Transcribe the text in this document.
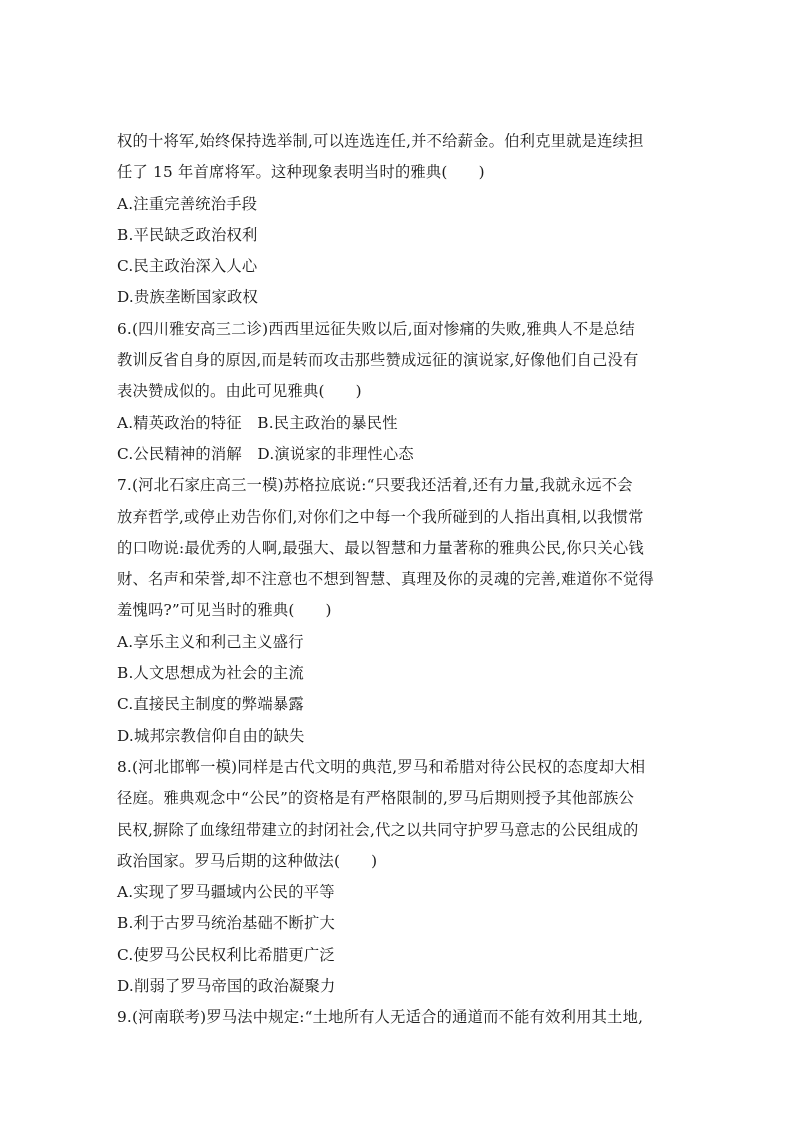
权的十将军,始终保持选举制,可以连选连任,并不给薪金。伯利克里就是连续担
任了 15 年首席将军。这种现象表明当时的雅典(　　)
A.注重完善统治手段
B.平民缺乏政治权利
C.民主政治深入人心
D.贵族垄断国家政权
6.(四川雅安高三二诊)西西里远征失败以后,面对惨痛的失败,雅典人不是总结
教训反省自身的原因,而是转而攻击那些赞成远征的演说家,好像他们自己没有
表决赞成似的。由此可见雅典(　　)
A.精英政治的特征　B.民主政治的暴民性
C.公民精神的消解　D.演说家的非理性心态
7.(河北石家庄高三一模)苏格拉底说:“只要我还活着,还有力量,我就永远不会
放弃哲学,或停止劝告你们,对你们之中每一个我所碰到的人指出真相,以我惯常
的口吻说:最优秀的人啊,最强大、最以智慧和力量著称的雅典公民,你只关心钱
财、名声和荣誉,却不注意也不想到智慧、真理及你的灵魂的完善,难道你不觉得
羞愧吗?”可见当时的雅典(　　)
A.享乐主义和利己主义盛行
B.人文思想成为社会的主流
C.直接民主制度的弊端暴露
D.城邦宗教信仰自由的缺失
8.(河北邯郸一模)同样是古代文明的典范,罗马和希腊对待公民权的态度却大相
径庭。雅典观念中“公民”的资格是有严格限制的,罗马后期则授予其他部族公
民权,摒除了血缘纽带建立的封闭社会,代之以共同守护罗马意志的公民组成的
政治国家。罗马后期的这种做法(　　)
A.实现了罗马疆域内公民的平等
B.利于古罗马统治基础不断扩大
C.使罗马公民权利比希腊更广泛
D.削弱了罗马帝国的政治凝聚力
9.(河南联考)罗马法中规定:“土地所有人无适合的通道而不能有效利用其土地,
